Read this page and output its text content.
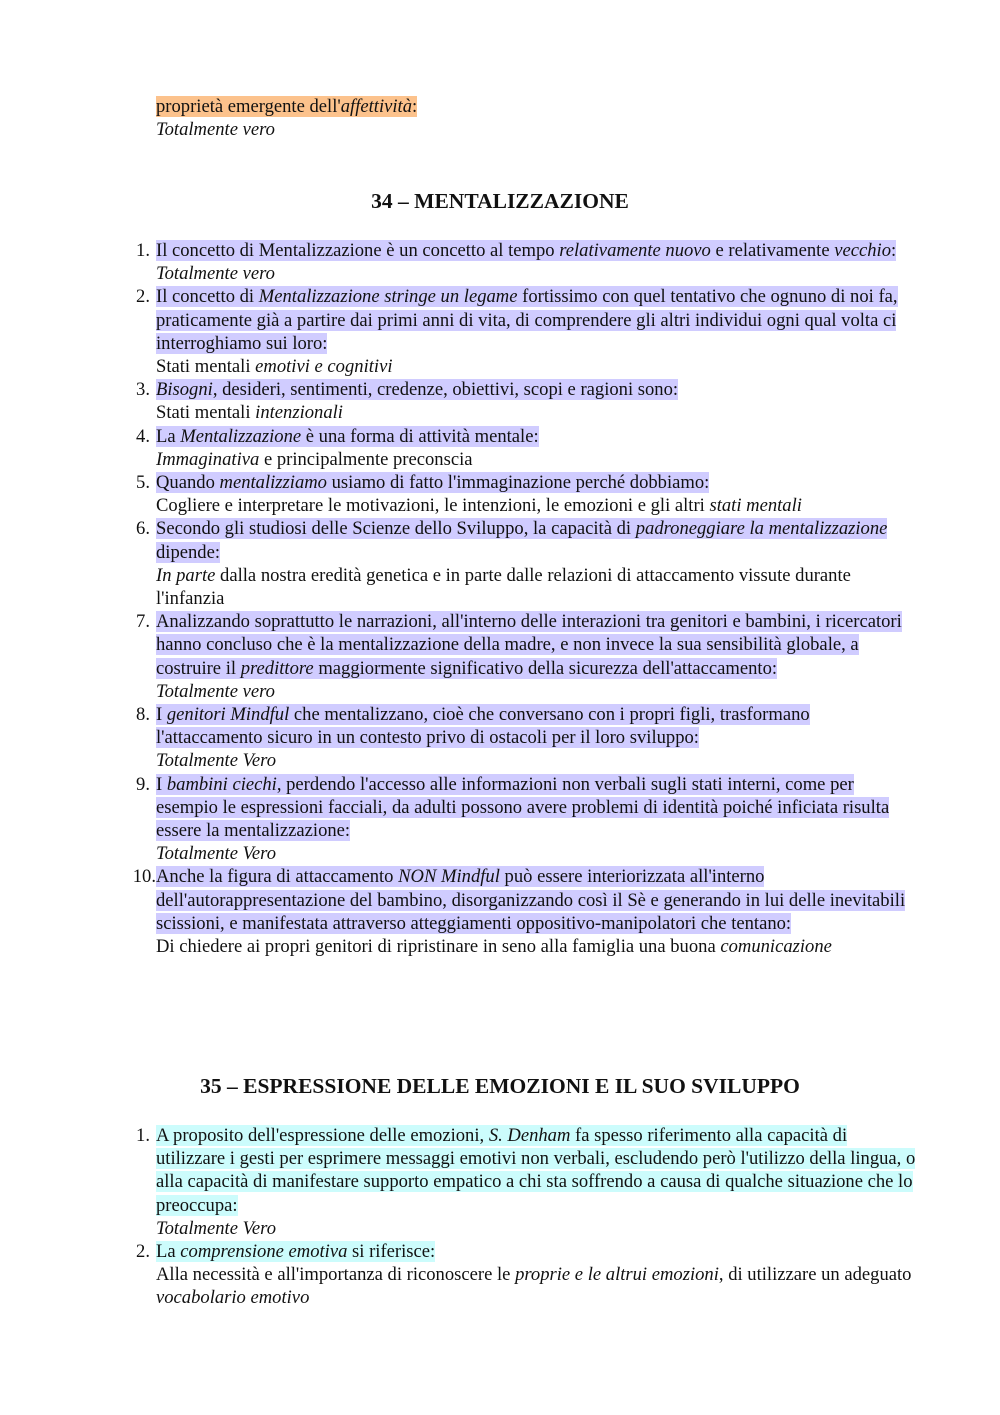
proprietà emergente dell'affettività:

Totalmente vero

34 – MENTALIZZAZIONE
1. Il concetto di Mentalizzazione è un concetto al tempo relativamente nuovo e relativamente vecchio:

Totalmente vero

2. Il concetto di Mentalizzazione stringe un legame fortissimo con quel tentativo che ognuno di noi fa, praticamente già a partire dai primi anni di vita, di comprendere gli altri individui ogni qual volta ci interroghiamo sui loro:

Stati mentali emotivi e cognitivi

3. Bisogni, desideri, sentimenti, credenze, obiettivi, scopi e ragioni sono:

Stati mentali intenzionali

4. La Mentalizzazione è una forma di attività mentale:

Immaginativa e principalmente preconscia

5. Quando mentalizziamo usiamo di fatto l'immaginazione perché dobbiamo:

Cogliere e interpretare le motivazioni, le intenzioni, le emozioni e gli altri stati mentali

6. Secondo gli studiosi delle Scienze dello Sviluppo, la capacità di padroneggiare la mentalizzazione dipende:

In parte dalla nostra eredità genetica e in parte dalle relazioni di attaccamento vissute durante l'infanzia

7. Analizzando soprattutto le narrazioni, all'interno delle interazioni tra genitori e bambini, i ricercatori hanno concluso che è la mentalizzazione della madre, e non invece la sua sensibilità globale, a costruire il predittore maggiormente significativo della sicurezza dell'attaccamento:

Totalmente vero

8. I genitori Mindful che mentalizzano, cioè che conversano con i propri figli, trasformano l'attaccamento sicuro in un contesto privo di ostacoli per il loro sviluppo:

Totalmente Vero

9. I bambini ciechi, perdendo l'accesso alle informazioni non verbali sugli stati interni, come per esempio le espressioni facciali, da adulti possono avere problemi di identità poiché inficiata risulta essere la mentalizzazione:

Totalmente Vero

10. Anche la figura di attaccamento NON Mindful può essere interiorizzata all'interno dell'autorappresentazione del bambino, disorganizzando così il Sè e generando in lui delle inevitabili scissioni, e manifestata attraverso atteggiamenti oppositivo-manipolatori che tentano:

Di chiedere ai propri genitori di ripristinare in seno alla famiglia una buona comunicazione

35 – ESPRESSIONE DELLE EMOZIONI E IL SUO SVILUPPO
1. A proposito dell'espressione delle emozioni, S. Denham fa spesso riferimento alla capacità di utilizzare i gesti per esprimere messaggi emotivi non verbali, escludendo però l'utilizzo della lingua, o alla capacità di manifestare supporto empatico a chi sta soffrendo a causa di qualche situazione che lo preoccupa:

Totalmente Vero

2. La comprensione emotiva si riferisce:

Alla necessità e all'importanza di riconoscere le proprie e le altrui emozioni, di utilizzare un adeguato vocabolario emotivo
